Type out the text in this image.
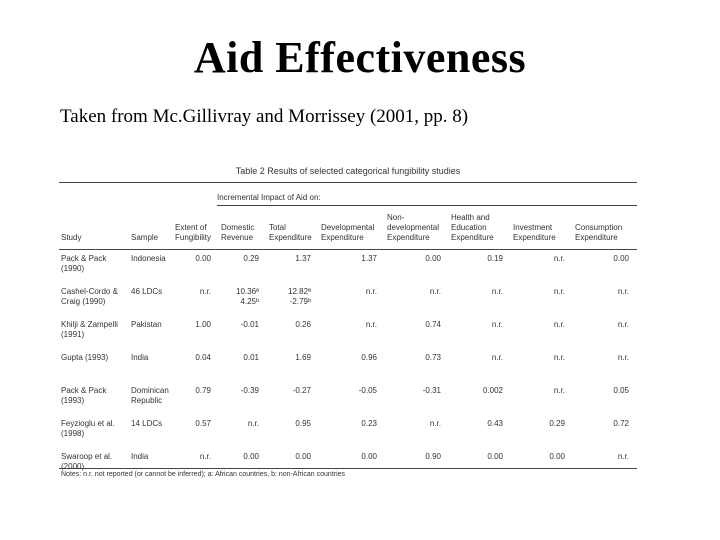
Aid Effectiveness
Taken from Mc.Gillivray and Morrissey (2001, pp. 8)
Table 2 Results of selected categorical fungibility studies
Incremental Impact of Aid on:
Study	Sample	Extent of Fungibility	Domestic Revenue	Total Expenditure	Developmental Expenditure	Non-developmental Expenditure	Health and Education Expenditure	Investment Expenditure	Consumption Expenditure
Pack & Pack (1990)	Indonesia	0.00	0.29	1.37	1.37	0.00	0.19	n.r.	0.00
Cashel-Cordo & Craig (1990)	46 LDCs	n.r.	10.36ª 4.25ᵇ	12.82ª -2.79ᵇ	n.r.	n.r.	n.r.	n.r.	n.r.
Khilji & Zampelli (1991)	Pakistan	1.00	-0.01	0.26	n.r.	0.74	n.r.	n.r.	n.r.
Gupta (1993)	India	0.04	0.01	1.69	0.96	0.73	n.r.	n.r.	n.r.
Pack & Pack (1993)	Dominican Republic	0.79	-0.39	-0.27	-0.05	-0.31	0.002	n.r.	0.05
Feyzioglu et al. (1998)	14 LDCs	0.57	n.r.	0.95	0.23	n.r.	0.43	0.29	0.72
Swaroop et al. (2000)	India	n.r.	0.00	0.00	0.00	0.90	0.00	0.00	n.r.
Notes: n.r. not reported (or cannot be inferred); a: African countries, b: non-African countries
